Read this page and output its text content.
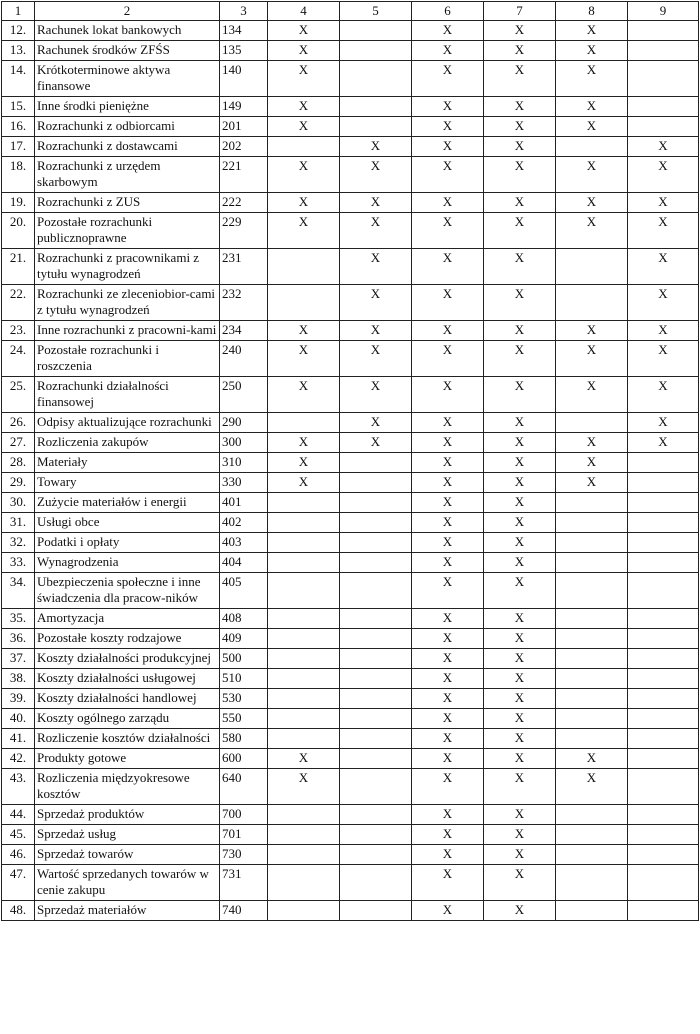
1	2	3	4	5	6	7	8	9
12.	Rachunek lokat bankowych	134	X		X	X	X	
13.	Rachunek środków ZFŚS	135	X		X	X	X	
14.	Krótkoterminowe aktywa finansowe	140	X		X	X	X	
15.	Inne środki pieniężne	149	X		X	X	X	
16.	Rozrachunki z odbiorcami	201	X		X	X	X	
17.	Rozrachunki z dostawcami	202		X	X	X		X
18.	Rozrachunki z urzędem skarbowym	221	X	X	X	X	X	X
19.	Rozrachunki z ZUS	222	X	X	X	X	X	X
20.	Pozostałe rozrachunki publicznoprawne	229	X	X	X	X	X	X
21.	Rozrachunki z pracownikami z tytułu wynagrodzeń	231		X	X	X		X
22.	Rozrachunki ze zleceniobior-cami z tytułu wynagrodzeń	232		X	X	X		X
23.	Inne rozrachunki z pracowni-kami	234	X	X	X	X	X	X
24.	Pozostałe rozrachunki i roszczenia	240	X	X	X	X	X	X
25.	Rozrachunki działalności finansowej	250	X	X	X	X	X	X
26.	Odpisy aktualizujące rozrachunki	290		X	X	X		X
27.	Rozliczenia zakupów	300	X	X	X	X	X	X
28.	Materiały	310	X		X	X	X	
29.	Towary	330	X		X	X	X	
30.	Zużycie materiałów i energii	401			X	X		
31.	Usługi obce	402			X	X		
32.	Podatki i opłaty	403			X	X		
33.	Wynagrodzenia	404			X	X		
34.	Ubezpieczenia społeczne i inne świadczenia dla pracow-ników	405			X	X		
35.	Amortyzacja	408			X	X		
36.	Pozostałe koszty rodzajowe	409			X	X		
37.	Koszty działalności produkcyjnej	500			X	X		
38.	Koszty działalności usługowej	510			X	X		
39.	Koszty działalności handlowej	530			X	X		
40.	Koszty ogólnego zarządu	550			X	X		
41.	Rozliczenie kosztów działalności	580			X	X		
42.	Produkty gotowe	600	X		X	X	X	
43.	Rozliczenia międzyokresowe kosztów	640	X		X	X	X	
44.	Sprzedaż produktów	700			X	X		
45.	Sprzedaż usług	701			X	X		
46.	Sprzedaż towarów	730			X	X		
47.	Wartość sprzedanych towarów w cenie zakupu	731			X	X		
48.	Sprzedaż materiałów	740			X	X		
